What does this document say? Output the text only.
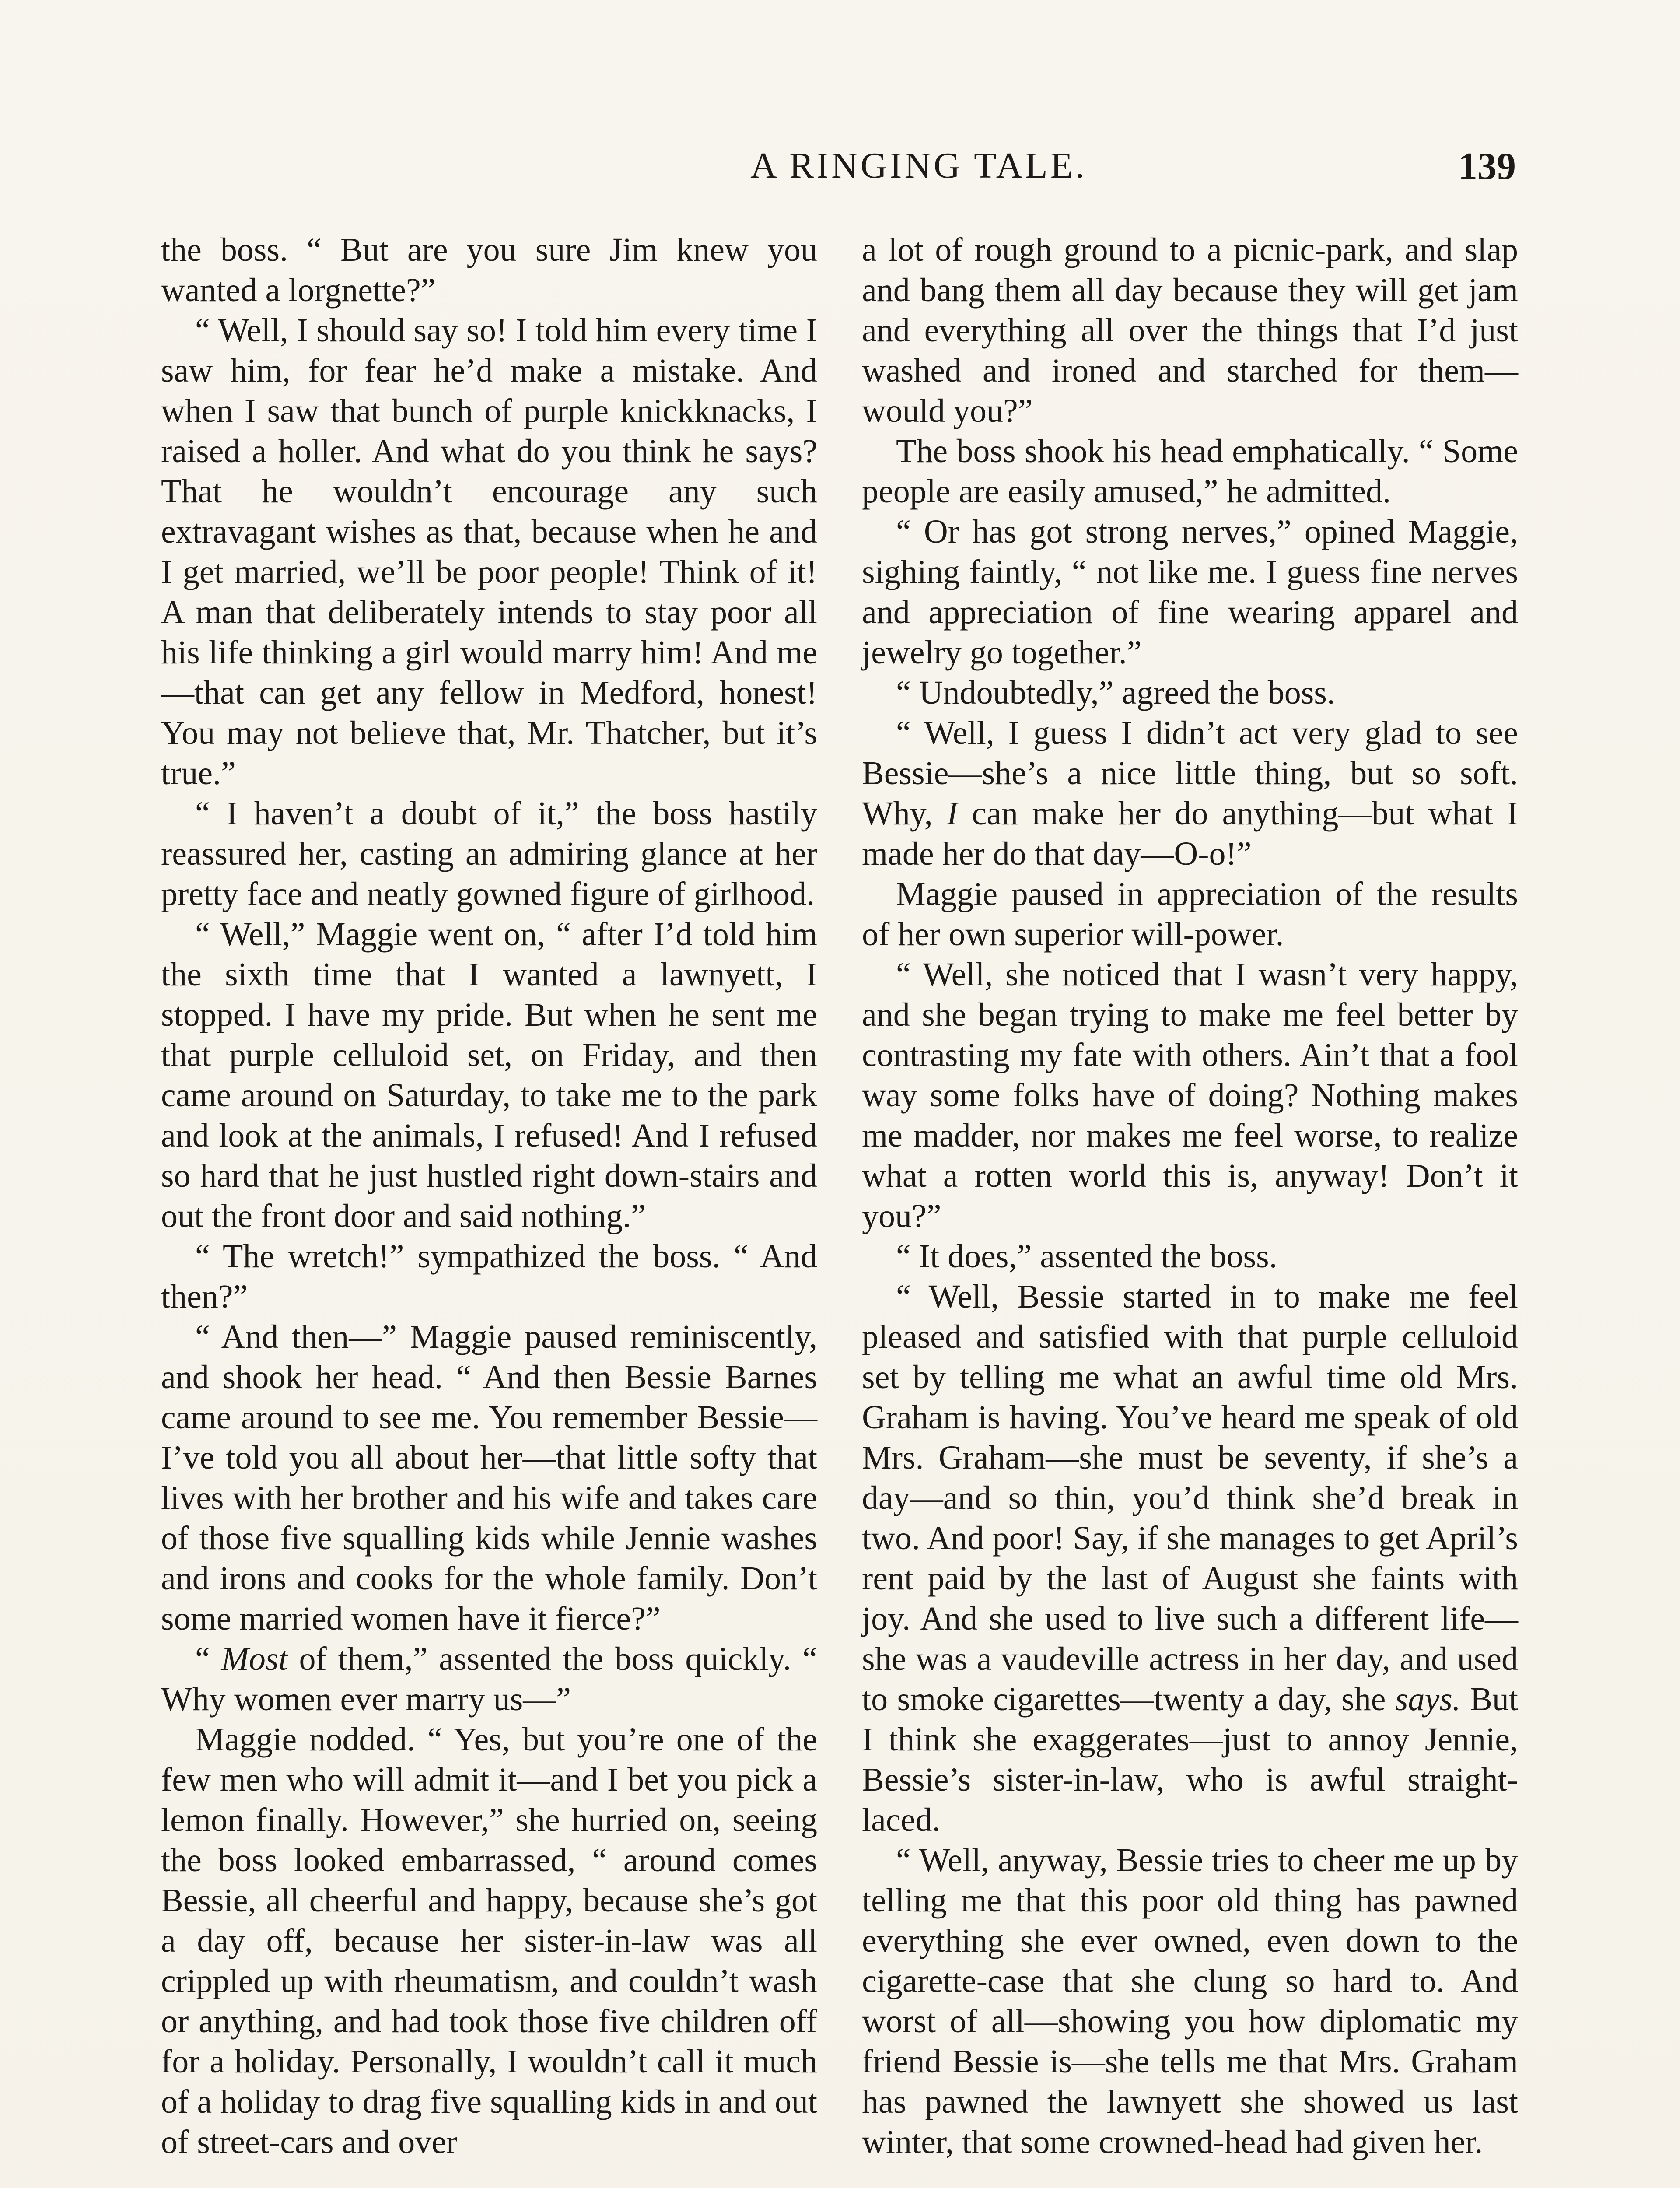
A RINGING TALE.	139

the boss. “ But are you sure Jim knew you wanted a lorgnette?”

“ Well, I should say so! I told him every time I saw him, for fear he’d make a mistake. And when I saw that bunch of purple knickknacks, I raised a holler. And what do you think he says? That he wouldn’t encourage any such extravagant wishes as that, because when he and I get married, we’ll be poor people! Think of it! A man that deliberately intends to stay poor all his life thinking a girl would marry him! And me—that can get any fellow in Medford, honest! You may not believe that, Mr. Thatcher, but it’s true.”

“ I haven’t a doubt of it,” the boss hastily reassured her, casting an admiring glance at her pretty face and neatly gowned figure of girlhood.

“ Well,” Maggie went on, “ after I’d told him the sixth time that I wanted a lawnyett, I stopped. I have my pride. But when he sent me that purple celluloid set, on Friday, and then came around on Saturday, to take me to the park and look at the animals, I refused! And I refused so hard that he just hustled right down-stairs and out the front door and said nothing.”

“ The wretch!” sympathized the boss. “ And then?”

“ And then—” Maggie paused reminiscently, and shook her head. “ And then Bessie Barnes came around to see me. You remember Bessie—I’ve told you all about her—that little softy that lives with her brother and his wife and takes care of those five squalling kids while Jennie washes and irons and cooks for the whole family. Don’t some married women have it fierce?”

“ Most of them,” assented the boss quickly. “ Why women ever marry us—”

Maggie nodded. “ Yes, but you’re one of the few men who will admit it—and I bet you pick a lemon finally. However,” she hurried on, seeing the boss looked embarrassed, “ around comes Bessie, all cheerful and happy, because she’s got a day off, because her sister-in-law was all crippled up with rheumatism, and couldn’t wash or anything, and had took those five children off for a holiday. Personally, I wouldn’t call it much of a holiday to drag five squalling kids in and out of street-cars and over

a lot of rough ground to a picnic-park, and slap and bang them all day because they will get jam and everything all over the things that I’d just washed and ironed and starched for them—would you?”

The boss shook his head emphatically. “ Some people are easily amused,” he admitted.

“ Or has got strong nerves,” opined Maggie, sighing faintly, “ not like me. I guess fine nerves and appreciation of fine wearing apparel and jewelry go together.”

“ Undoubtedly,” agreed the boss.

“ Well, I guess I didn’t act very glad to see Bessie—she’s a nice little thing, but so soft. Why, I can make her do anything—but what I made her do that day—O-o!”

Maggie paused in appreciation of the results of her own superior will-power.

“ Well, she noticed that I wasn’t very happy, and she began trying to make me feel better by contrasting my fate with others. Ain’t that a fool way some folks have of doing? Nothing makes me madder, nor makes me feel worse, to realize what a rotten world this is, anyway! Don’t it you?”

“ It does,” assented the boss.

“ Well, Bessie started in to make me feel pleased and satisfied with that purple celluloid set by telling me what an awful time old Mrs. Graham is having. You’ve heard me speak of old Mrs. Graham—she must be seventy, if she’s a day—and so thin, you’d think she’d break in two. And poor! Say, if she manages to get April’s rent paid by the last of August she faints with joy. And she used to live such a different life—she was a vaudeville actress in her day, and used to smoke cigarettes—twenty a day, she says. But I think she exaggerates—just to annoy Jennie, Bessie’s sister-in-law, who is awful straight-laced.

“ Well, anyway, Bessie tries to cheer me up by telling me that this poor old thing has pawned everything she ever owned, even down to the cigarette-case that she clung so hard to. And worst of all—showing you how diplomatic my friend Bessie is—she tells me that Mrs. Graham has pawned the lawnyett she showed us last winter, that some crowned-head had given her.
